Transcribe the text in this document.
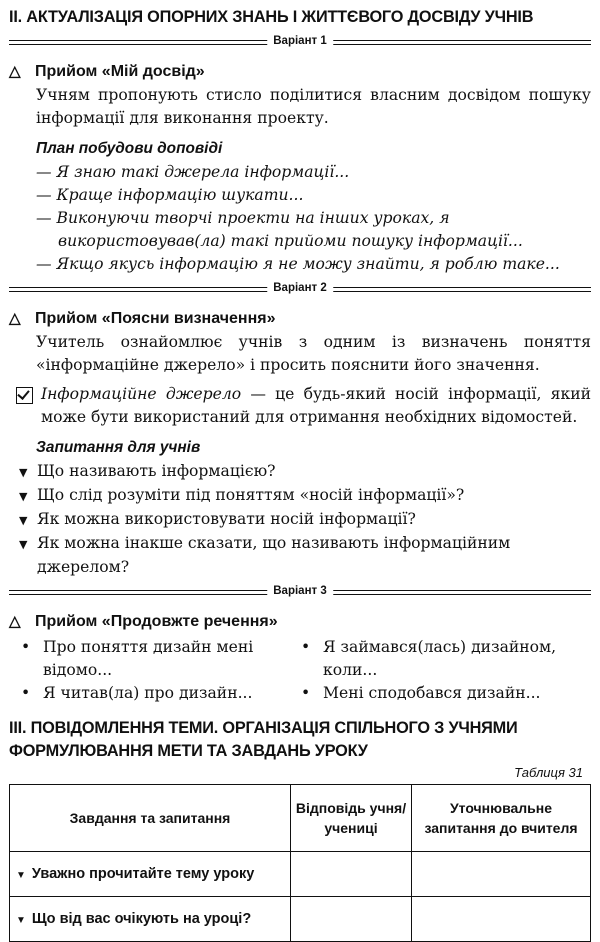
II. АКТУАЛІЗАЦІЯ ОПОРНИХ ЗНАНЬ І ЖИТТЄВОГО ДОСВІДУ УЧНІВ
Варіант 1
△ Прийом «Мій досвід»

Учням пропонують стисло поділитися власним досвідом пошуку інформації для виконання проекту.

План побудови доповіді
— Я знаю такі джерела інформації...
— Краще інформацію шукати...
— Виконуючи творчі проекти на інших уроках, я використовував(ла) такі прийоми пошуку інформації...
— Якщо якусь інформацію я не можу знайти, я роблю таке...
Варіант 2
△ Прийом «Поясни визначення»

Учитель ознайомлює учнів з одним із визначень поняття «інформаційне джерело» і просить пояснити його значення.

Інформаційне джерело — це будь-який носій інформації, який може бути використаний для отримання необхідних відомостей.
Запитання для учнів
▼ Що називають інформацією?
▼ Що слід розуміти під поняттям «носій інформації»?
▼ Як можна використовувати носій інформації?
▼ Як можна інакше сказати, що називають інформаційним джерелом?
Варіант 3
△ Прийом «Продовжте речення»
• Про поняття дизайн мені відомо...
• Я читав(ла) про дизайн...
• Я займався(лась) дизайном, коли...
• Мені сподобався дизайн...
III. ПОВІДОМЛЕННЯ ТЕМИ. ОРГАНІЗАЦІЯ СПІЛЬНОГО З УЧНЯМИ ФОРМУЛЮВАННЯ МЕТИ ТА ЗАВДАНЬ УРОКУ
Таблиця 31
Завдання та запитання	Відповідь учня/учениці	Уточнювальне запитання до вчителя
▼ Уважно прочитайте тему уроку		
▼ Що від вас очікують на уроці?		
